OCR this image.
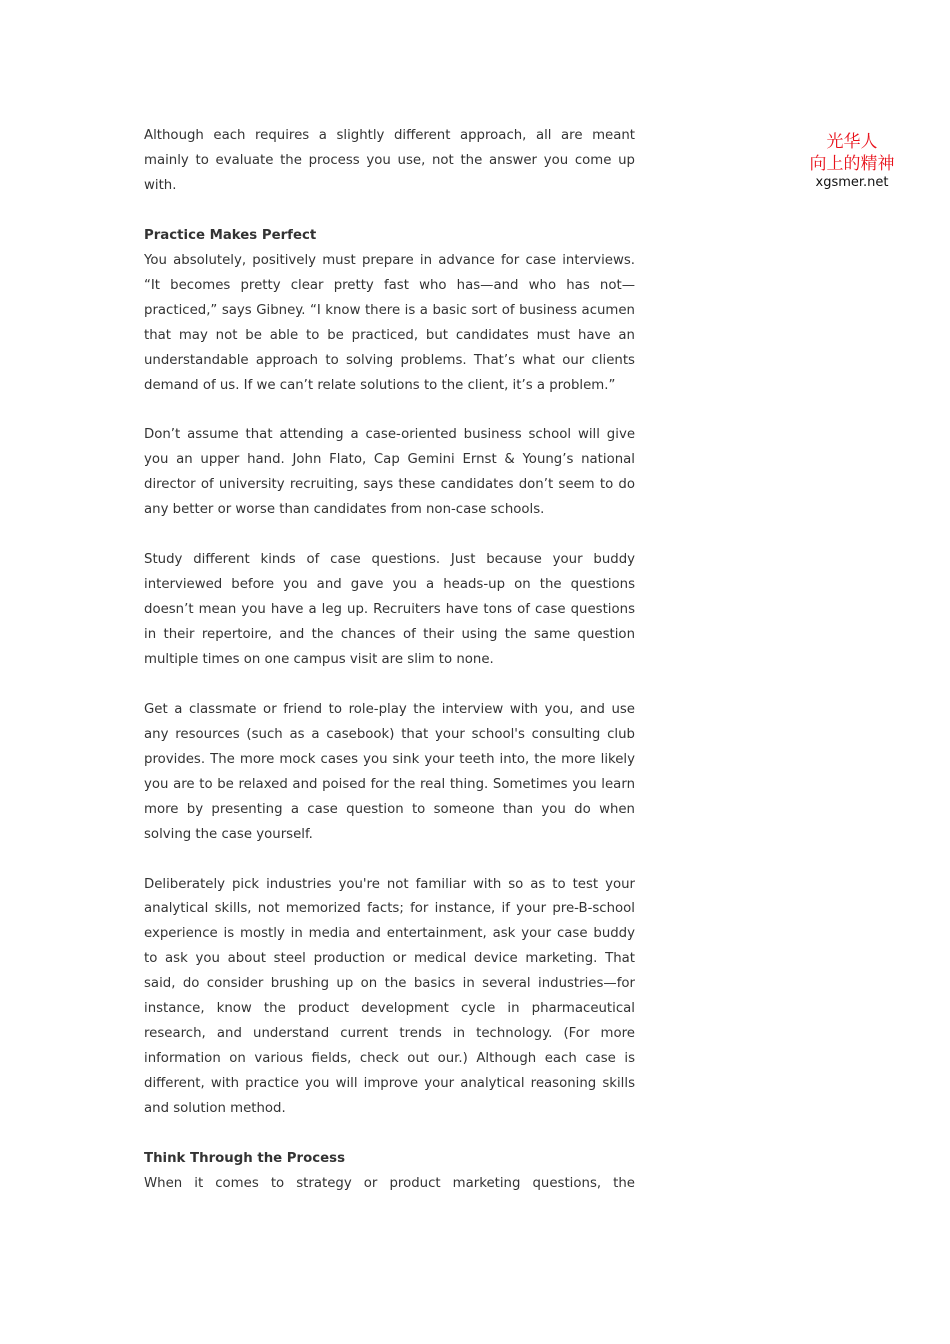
光华人
向上的精神
xgsmer.net

Although each requires a slightly different approach, all are meant mainly to evaluate the process you use, not the answer you come up with.

Practice Makes Perfect

You absolutely, positively must prepare in advance for case interviews. “It becomes pretty clear pretty fast who has—and who has not—practiced,” says Gibney. “I know there is a basic sort of business acumen that may not be able to be practiced, but candidates must have an understandable approach to solving problems. That’s what our clients demand of us. If we can’t relate solutions to the client, it’s a problem.”

Don’t assume that attending a case-oriented business school will give you an upper hand. John Flato, Cap Gemini Ernst & Young’s national director of university recruiting, says these candidates don’t seem to do any better or worse than candidates from non-case schools.

Study different kinds of case questions. Just because your buddy interviewed before you and gave you a heads-up on the questions doesn’t mean you have a leg up. Recruiters have tons of case questions in their repertoire, and the chances of their using the same question multiple times on one campus visit are slim to none.

Get a classmate or friend to role-play the interview with you, and use any resources (such as a casebook) that your school's consulting club provides. The more mock cases you sink your teeth into, the more likely you are to be relaxed and poised for the real thing. Sometimes you learn more by presenting a case question to someone than you do when solving the case yourself.

Deliberately pick industries you're not familiar with so as to test your analytical skills, not memorized facts; for instance, if your pre-B-school experience is mostly in media and entertainment, ask your case buddy to ask you about steel production or medical device marketing. That said, do consider brushing up on the basics in several industries—for instance, know the product development cycle in pharmaceutical research, and understand current trends in technology. (For more information on various fields, check out our.) Although each case is different, with practice you will improve your analytical reasoning skills and solution method.

Think Through the Process

When it comes to strategy or product marketing questions, the
